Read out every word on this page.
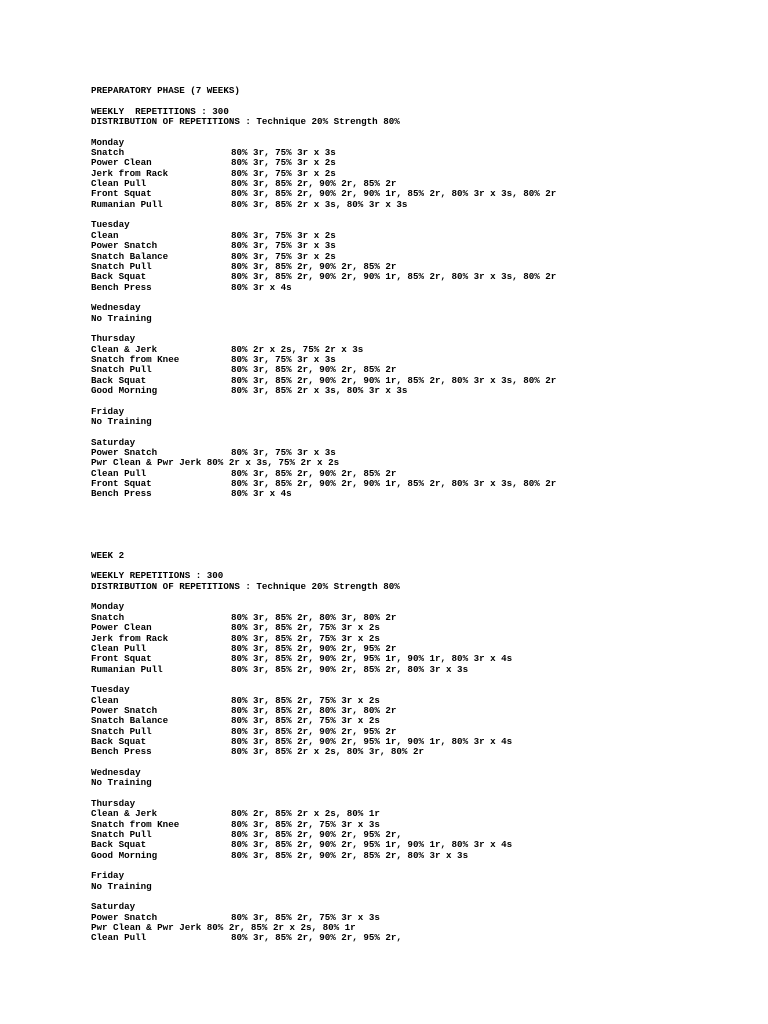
PREPARATORY PHASE (7 WEEKS)
WEEKLY  REPETITIONS : 300
DISTRIBUTION OF REPETITIONS : Technique 20% Strength 80%
Monday
Snatch	80% 3r, 75% 3r x 3s
Power Clean	80% 3r, 75% 3r x 2s
Jerk from Rack	80% 3r, 75% 3r x 2s
Clean Pull	80% 3r, 85% 2r, 90% 2r, 85% 2r
Front Squat	80% 3r, 85% 2r, 90% 2r, 90% 1r, 85% 2r, 80% 3r x 3s, 80% 2r
Rumanian Pull	80% 3r, 85% 2r x 3s, 80% 3r x 3s
Tuesday
Clean	80% 3r, 75% 3r x 2s
Power Snatch	80% 3r, 75% 3r x 3s
Snatch Balance	80% 3r, 75% 3r x 2s
Snatch Pull	80% 3r, 85% 2r, 90% 2r, 85% 2r
Back Squat	80% 3r, 85% 2r, 90% 2r, 90% 1r, 85% 2r, 80% 3r x 3s, 80% 2r
Bench Press	80% 3r x 4s
Wednesday
No Training
Thursday
Clean & Jerk	80% 2r x 2s, 75% 2r x 3s
Snatch from Knee	80% 3r, 75% 3r x 3s
Snatch Pull	80% 3r, 85% 2r, 90% 2r, 85% 2r
Back Squat	80% 3r, 85% 2r, 90% 2r, 90% 1r, 85% 2r, 80% 3r x 3s, 80% 2r
Good Morning	80% 3r, 85% 2r x 3s, 80% 3r x 3s
Friday
No Training
Saturday
Power Snatch	80% 3r, 75% 3r x 3s
Pwr Clean & Pwr Jerk 80% 2r x 3s, 75% 2r x 2s
Clean Pull	80% 3r, 85% 2r, 90% 2r, 85% 2r
Front Squat	80% 3r, 85% 2r, 90% 2r, 90% 1r, 85% 2r, 80% 3r x 3s, 80% 2r
Bench Press	80% 3r x 4s
WEEK 2
WEEKLY REPETITIONS : 300
DISTRIBUTION OF REPETITIONS : Technique 20% Strength 80%
Monday
Snatch	80% 3r, 85% 2r, 80% 3r, 80% 2r
Power Clean	80% 3r, 85% 2r, 75% 3r x 2s
Jerk from Rack	80% 3r, 85% 2r, 75% 3r x 2s
Clean Pull	80% 3r, 85% 2r, 90% 2r, 95% 2r
Front Squat	80% 3r, 85% 2r, 90% 2r, 95% 1r, 90% 1r, 80% 3r x 4s
Rumanian Pull	80% 3r, 85% 2r, 90% 2r, 85% 2r, 80% 3r x 3s
Tuesday
Clean	80% 3r, 85% 2r, 75% 3r x 2s
Power Snatch	80% 3r, 85% 2r, 80% 3r, 80% 2r
Snatch Balance	80% 3r, 85% 2r, 75% 3r x 2s
Snatch Pull	80% 3r, 85% 2r, 90% 2r, 95% 2r
Back Squat	80% 3r, 85% 2r, 90% 2r, 95% 1r, 90% 1r, 80% 3r x 4s
Bench Press	80% 3r, 85% 2r x 2s, 80% 3r, 80% 2r
Wednesday
No Training
Thursday
Clean & Jerk	80% 2r, 85% 2r x 2s, 80% 1r
Snatch from Knee	80% 3r, 85% 2r, 75% 3r x 3s
Snatch Pull	80% 3r, 85% 2r, 90% 2r, 95% 2r,
Back Squat	80% 3r, 85% 2r, 90% 2r, 95% 1r, 90% 1r, 80% 3r x 4s
Good Morning	80% 3r, 85% 2r, 90% 2r, 85% 2r, 80% 3r x 3s
Friday
No Training
Saturday
Power Snatch	80% 3r, 85% 2r, 75% 3r x 3s
Pwr Clean & Pwr Jerk 80% 2r, 85% 2r x 2s, 80% 1r
Clean Pull	80% 3r, 85% 2r, 90% 2r, 95% 2r,
